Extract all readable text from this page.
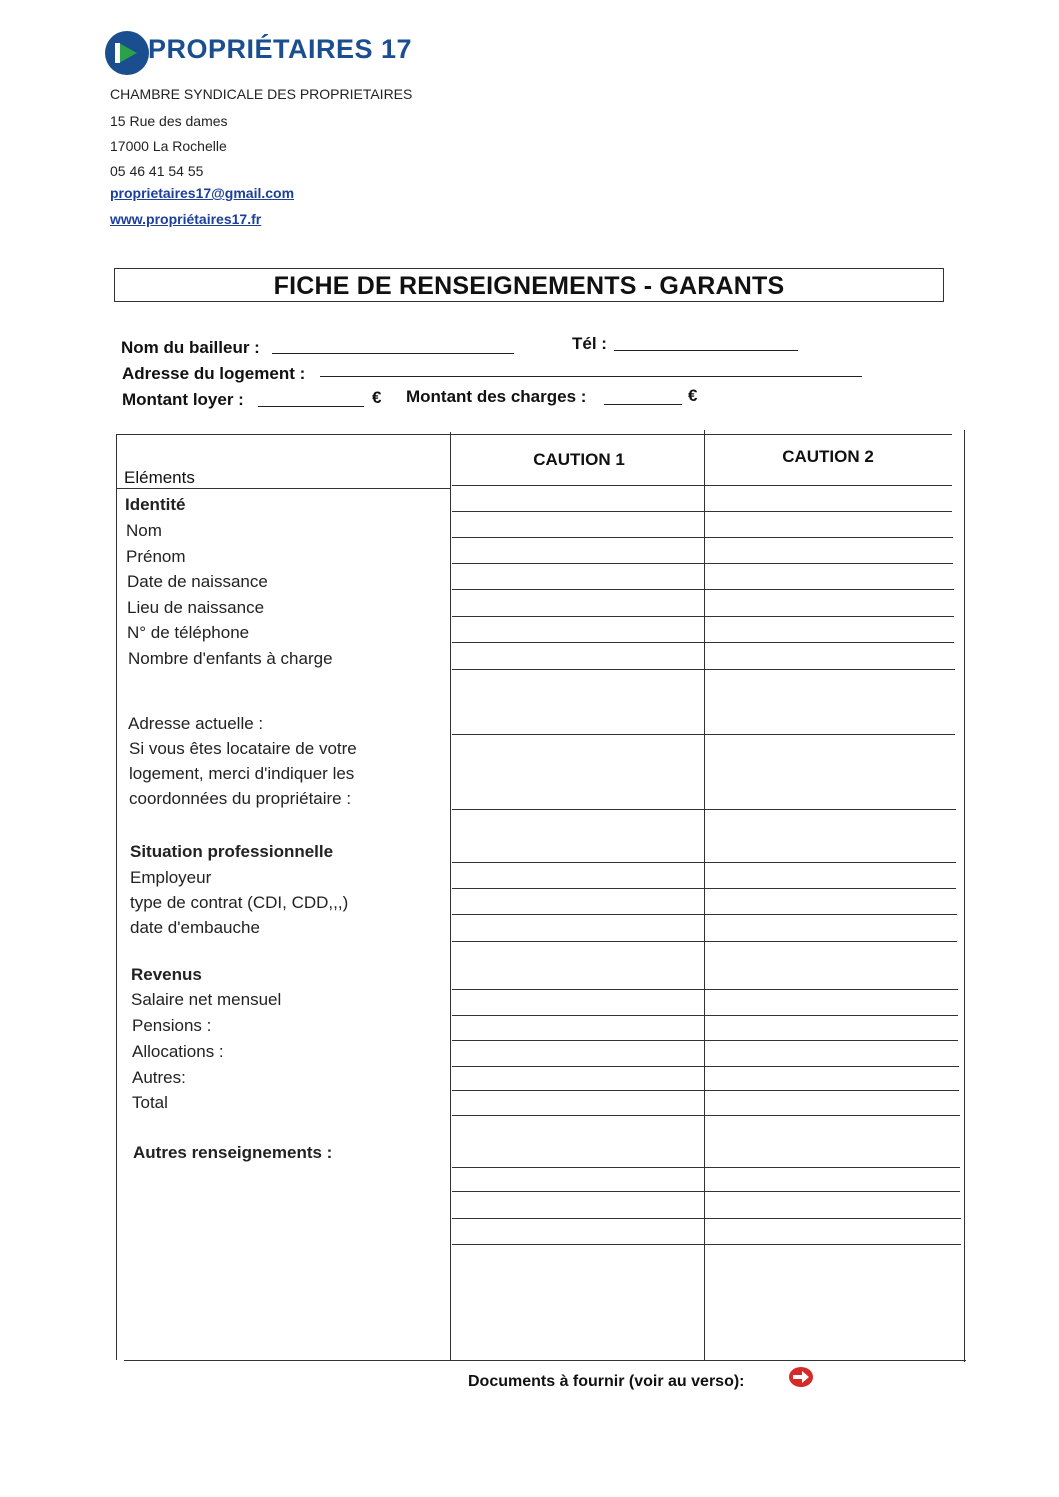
PROPRIÉTAIRES 17
CHAMBRE SYNDICALE DES PROPRIETAIRES
15 Rue des dames
17000 La Rochelle
05 46 41 54 55
proprietaires17@gmail.com
www.propriétaires17.fr
FICHE DE RENSEIGNEMENTS - GARANTS
Nom du bailleur :	Tél :
Adresse du logement :
Montant loyer :	€ Montant des charges :	€
Eléments
CAUTION 1	CAUTION 2
Identité
Nom
Prénom
Date de naissance
Lieu de naissance
N° de téléphone
Nombre d'enfants à charge
Adresse actuelle :
Si vous êtes locataire de votre
logement, merci d'indiquer les
coordonnées du propriétaire :
Situation professionnelle
Employeur
type de contrat (CDI, CDD,,,)
date d'embauche
Revenus
Salaire net mensuel
Pensions :
Allocations :
Autres:
Total
Autres renseignements :
Documents à fournir (voir au verso):
